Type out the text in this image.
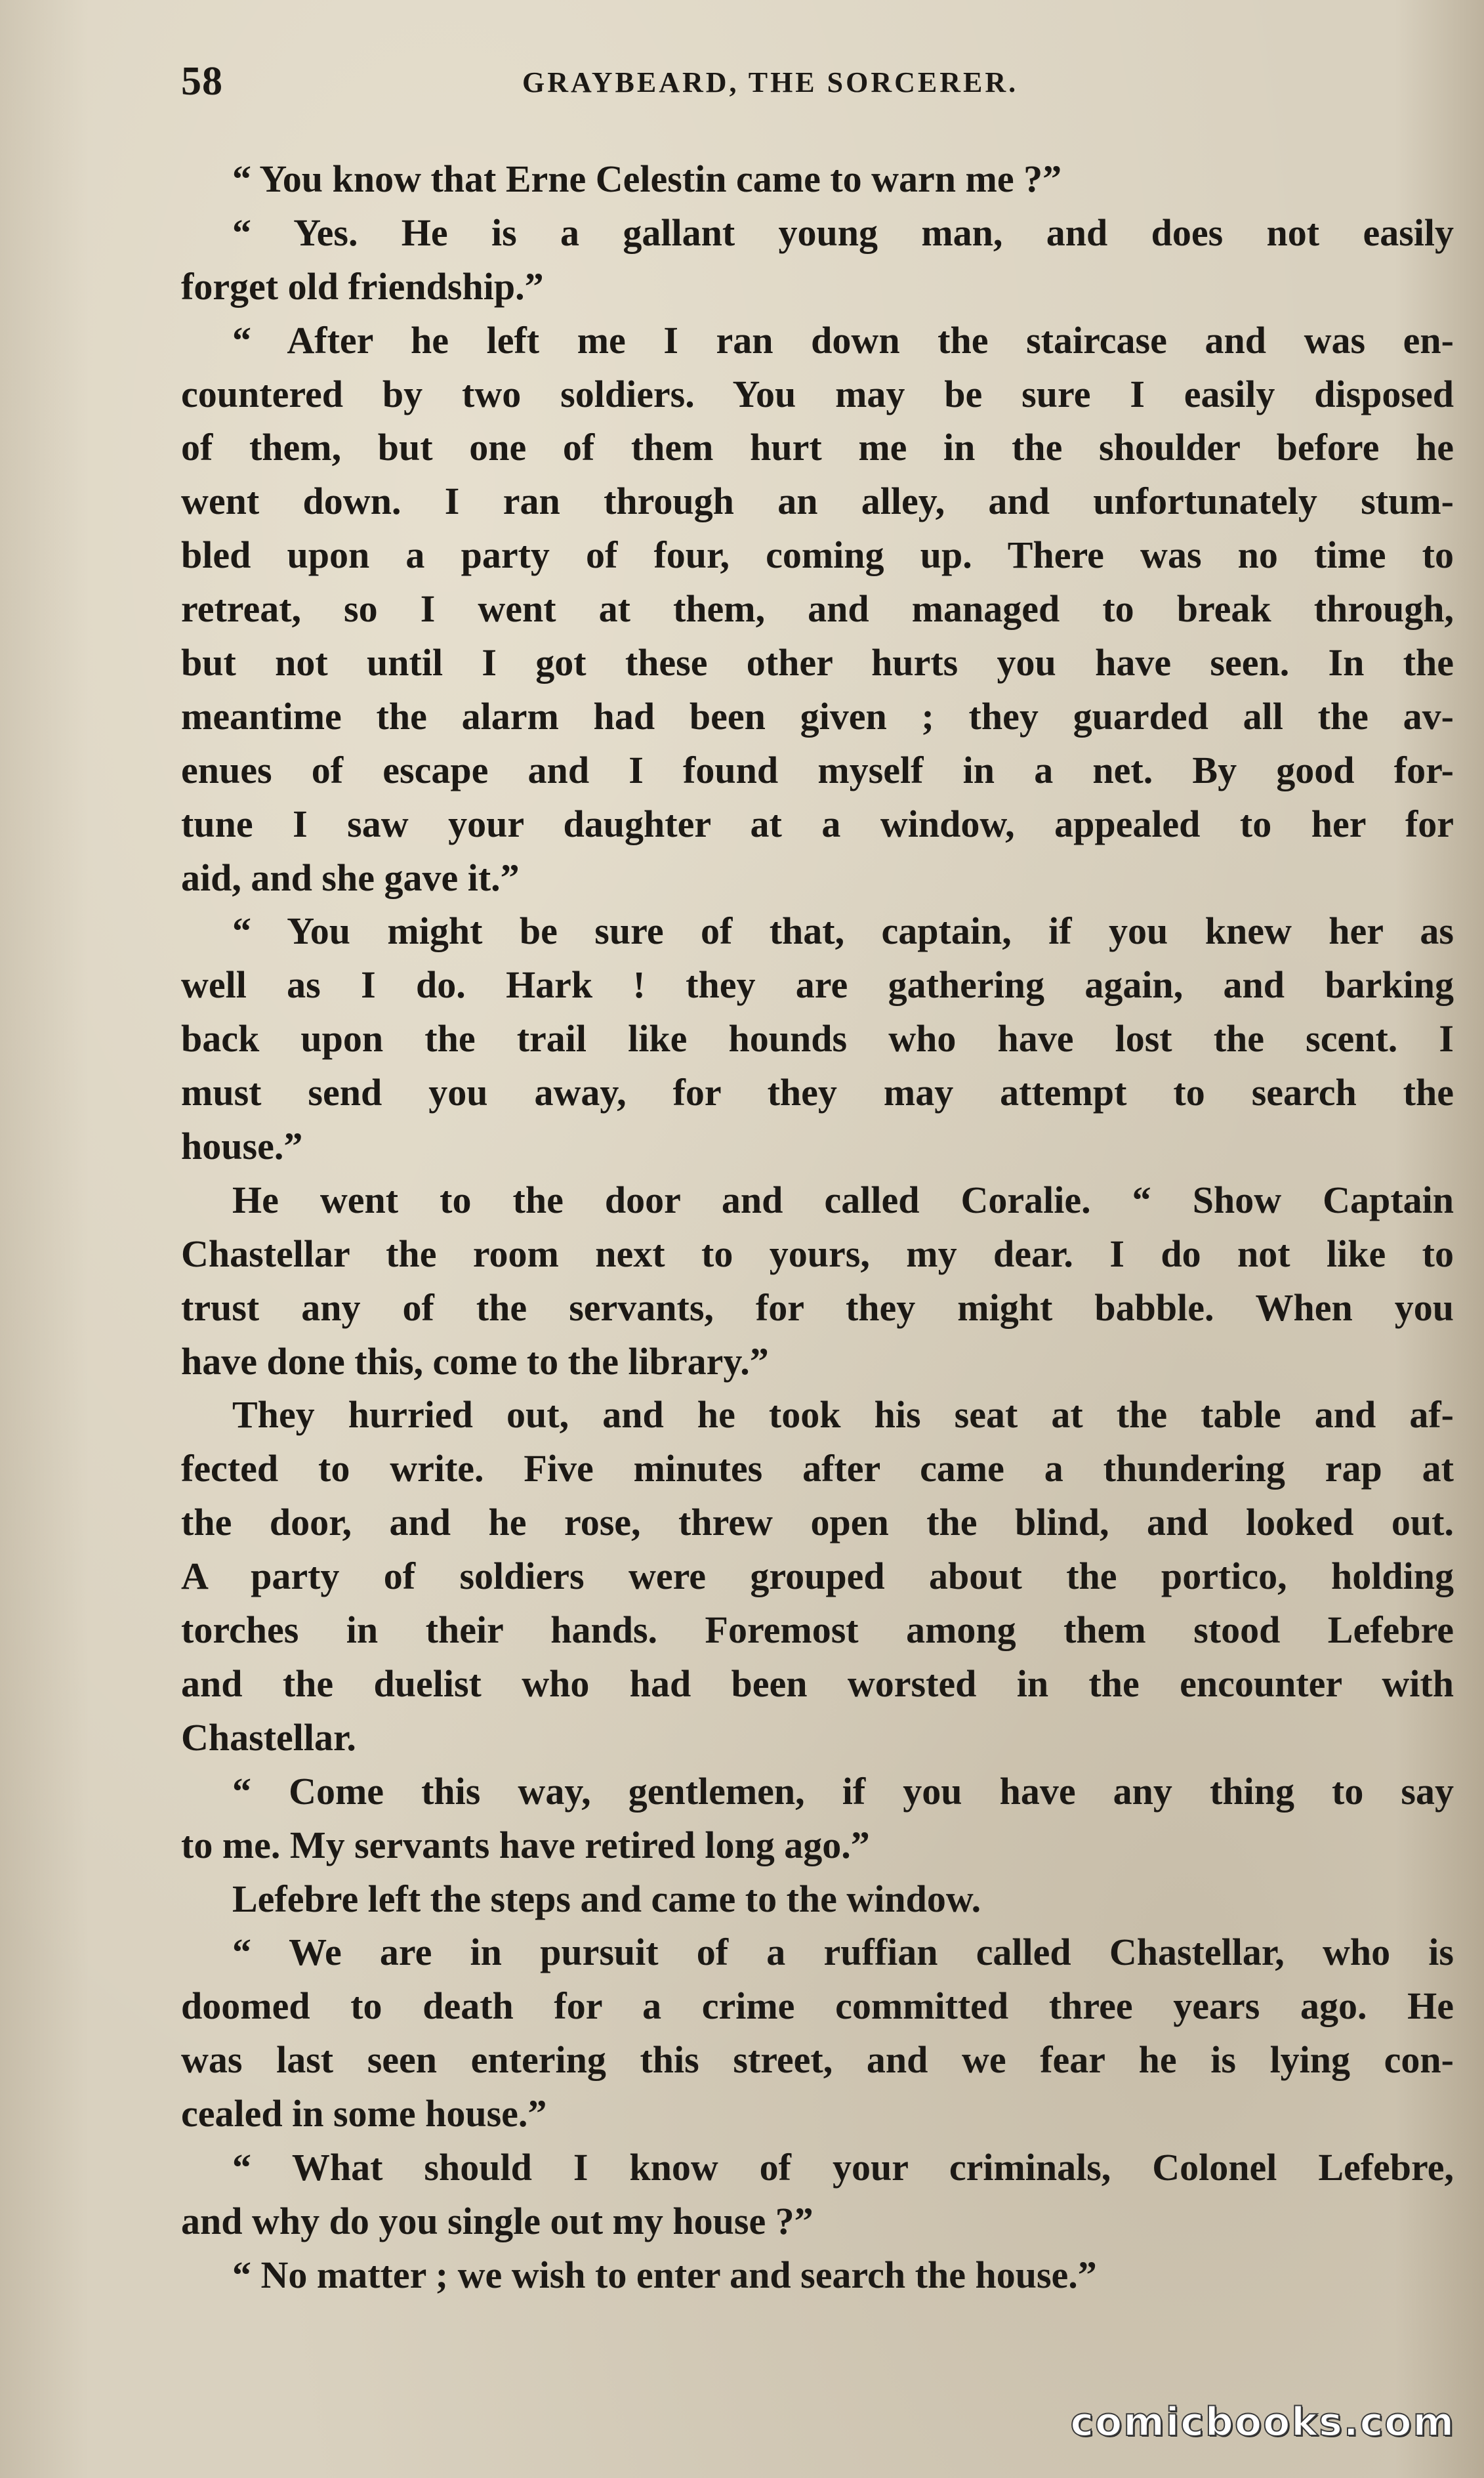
58	GRAYBEARD, THE SORCERER.
“ You know that Erne Celestin came to warn me ?”
“ Yes. He is a gallant young man, and does not easily
forget old friendship.”
“ After he left me I ran down the staircase and was en-
countered by two soldiers. You may be sure I easily disposed
of them, but one of them hurt me in the shoulder before he
went down. I ran through an alley, and unfortunately stum-
bled upon a party of four, coming up. There was no time to
retreat, so I went at them, and managed to break through,
but not until I got these other hurts you have seen. In the
meantime the alarm had been given ; they guarded all the av-
enues of escape and I found myself in a net. By good for-
tune I saw your daughter at a window, appealed to her for
aid, and she gave it.”
“ You might be sure of that, captain, if you knew her as
well as I do. Hark ! they are gathering again, and barking
back upon the trail like hounds who have lost the scent. I
must send you away, for they may attempt to search the
house.”
He went to the door and called Coralie. “ Show Captain
Chastellar the room next to yours, my dear. I do not like to
trust any of the servants, for they might babble. When you
have done this, come to the library.”
They hurried out, and he took his seat at the table and af-
fected to write. Five minutes after came a thundering rap at
the door, and he rose, threw open the blind, and looked out.
A party of soldiers were grouped about the portico, holding
torches in their hands. Foremost among them stood Lefebre
and the duelist who had been worsted in the encounter with
Chastellar.
“ Come this way, gentlemen, if you have any thing to say
to me. My servants have retired long ago.”
Lefebre left the steps and came to the window.
“ We are in pursuit of a ruffian called Chastellar, who is
doomed to death for a crime committed three years ago. He
was last seen entering this street, and we fear he is lying con-
cealed in some house.”
“ What should I know of your criminals, Colonel Lefebre,
and why do you single out my house ?”
“ No matter ; we wish to enter and search the house.”
comicbooks.com
